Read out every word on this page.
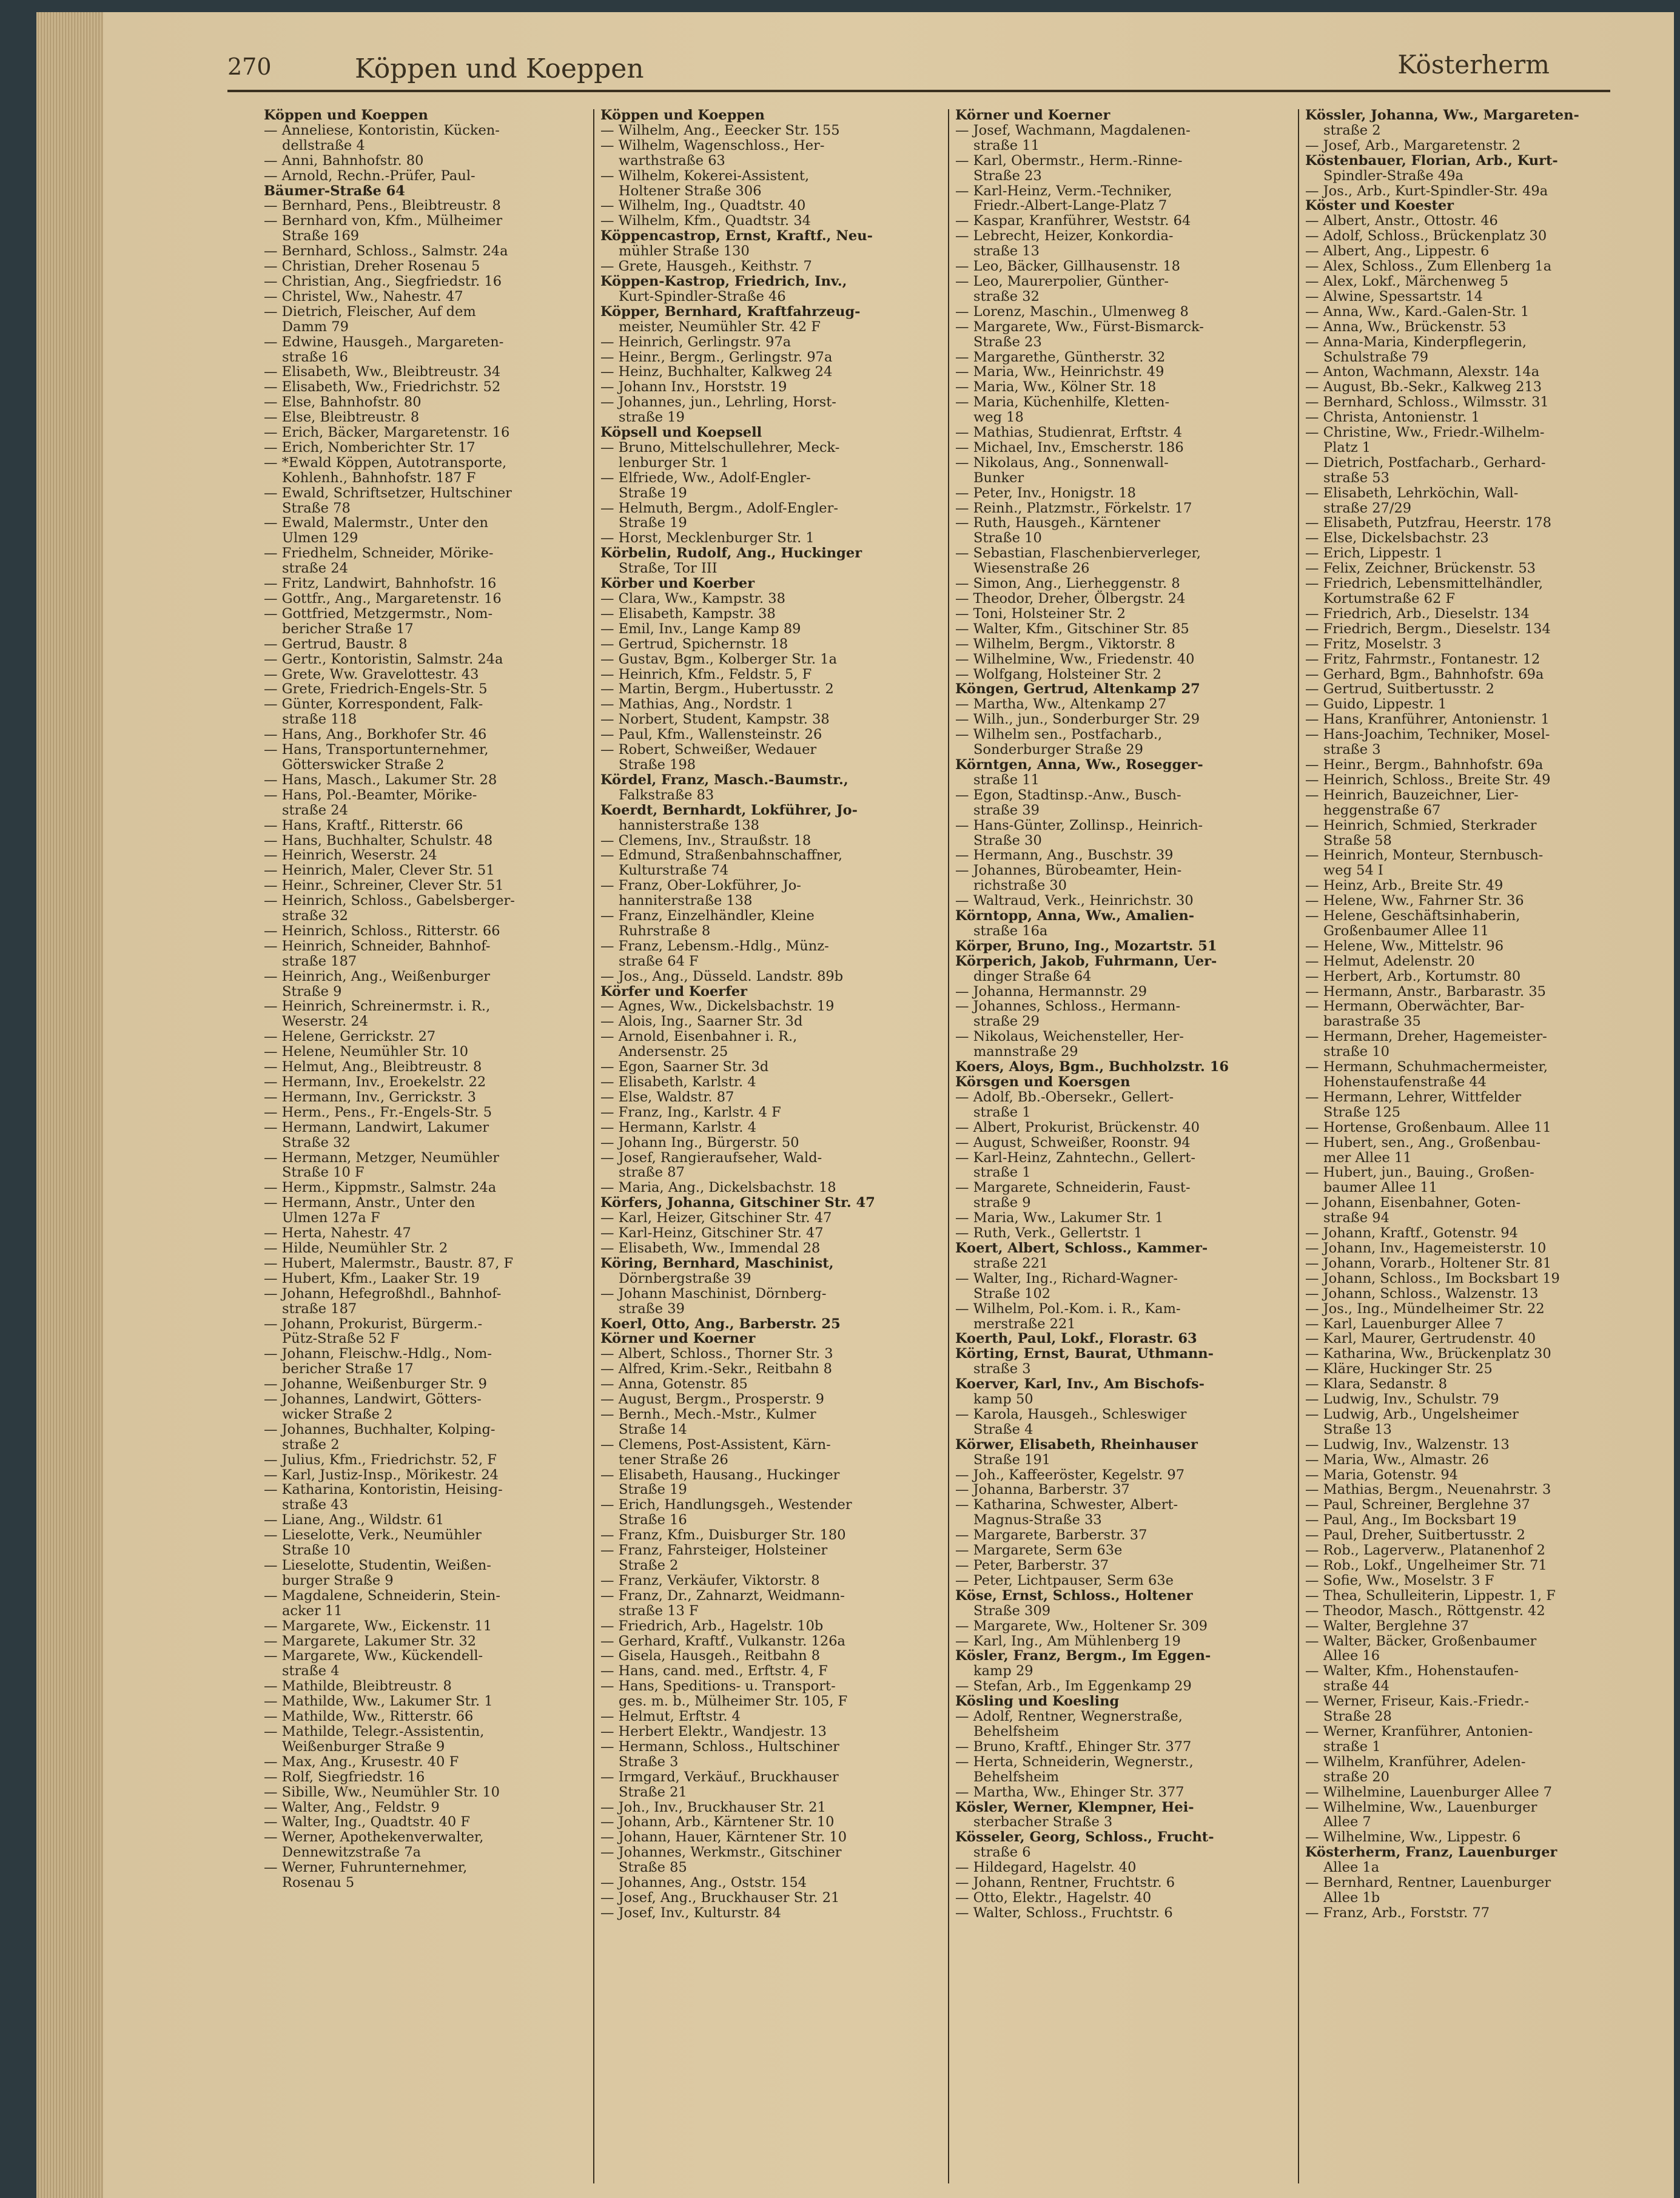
270	Köppen und Koeppen	Kösterherm
Köppen und Koeppen
— Anneliese, Kontoristin, Kücken-
dellstraße 4
— Anni, Bahnhofstr. 80
— Arnold, Rechn.-Prüfer, Paul-
Bäumer-Straße 64
— Bernhard, Pens., Bleibtreustr. 8
— Bernhard von, Kfm., Mülheimer
Straße 169
— Bernhard, Schloss., Salmstr. 24a
— Christian, Dreher Rosenau 5
— Christian, Ang., Siegfriedstr. 16
— Christel, Ww., Nahestr. 47
— Dietrich, Fleischer, Auf dem
Damm 79
— Edwine, Hausgeh., Margareten-
straße 16
— Elisabeth, Ww., Bleibtreustr. 34
— Elisabeth, Ww., Friedrichstr. 52
— Else, Bahnhofstr. 80
— Else, Bleibtreustr. 8
— Erich, Bäcker, Margaretenstr. 16
— Erich, Nomberichter Str. 17
— *Ewald Köppen, Autotransporte,
Kohlenh., Bahnhofstr. 187 F
— Ewald, Schriftsetzer, Hultschiner
Straße 78
— Ewald, Malermstr., Unter den
Ulmen 129
— Friedhelm, Schneider, Mörike-
straße 24
— Fritz, Landwirt, Bahnhofstr. 16
— Gottfr., Ang., Margaretenstr. 16
— Gottfried, Metzgermstr., Nom-
bericher Straße 17
— Gertrud, Baustr. 8
— Gertr., Kontoristin, Salmstr. 24a
— Grete, Ww. Gravelottestr. 43
— Grete, Friedrich-Engels-Str. 5
— Günter, Korrespondent, Falk-
straße 118
— Hans, Ang., Borkhofer Str. 46
— Hans, Transportunternehmer,
Götterswicker Straße 2
— Hans, Masch., Lakumer Str. 28
— Hans, Pol.-Beamter, Mörike-
straße 24
— Hans, Kraftf., Ritterstr. 66
— Hans, Buchhalter, Schulstr. 48
— Heinrich, Weserstr. 24
— Heinrich, Maler, Clever Str. 51
— Heinr., Schreiner, Clever Str. 51
— Heinrich, Schloss., Gabelsberger-
straße 32
— Heinrich, Schloss., Ritterstr. 66
— Heinrich, Schneider, Bahnhof-
straße 187
— Heinrich, Ang., Weißenburger
Straße 9
— Heinrich, Schreinermstr. i. R.,
Weserstr. 24
— Helene, Gerrickstr. 27
— Helene, Neumühler Str. 10
— Helmut, Ang., Bleibtreustr. 8
— Hermann, Inv., Eroekelstr. 22
— Hermann, Inv., Gerrickstr. 3
— Herm., Pens., Fr.-Engels-Str. 5
— Hermann, Landwirt, Lakumer
Straße 32
— Hermann, Metzger, Neumühler
Straße 10 F
— Herm., Kippmstr., Salmstr. 24a
— Hermann, Anstr., Unter den
Ulmen 127a F
— Herta, Nahestr. 47
— Hilde, Neumühler Str. 2
— Hubert, Malermstr., Baustr. 87, F
— Hubert, Kfm., Laaker Str. 19
— Johann, Hefegroßhdl., Bahnhof-
straße 187
— Johann, Prokurist, Bürgerm.-
Pütz-Straße 52 F
— Johann, Fleischw.-Hdlg., Nom-
bericher Straße 17
— Johanne, Weißenburger Str. 9
— Johannes, Landwirt, Götters-
wicker Straße 2
— Johannes, Buchhalter, Kolping-
straße 2
— Julius, Kfm., Friedrichstr. 52, F
— Karl, Justiz-Insp., Mörikestr. 24
— Katharina, Kontoristin, Heising-
straße 43
— Liane, Ang., Wildstr. 61
— Lieselotte, Verk., Neumühler
Straße 10
— Lieselotte, Studentin, Weißen-
burger Straße 9
— Magdalene, Schneiderin, Stein-
acker 11
— Margarete, Ww., Eickenstr. 11
— Margarete, Lakumer Str. 32
— Margarete, Ww., Kückendell-
straße 4
— Mathilde, Bleibtreustr. 8
— Mathilde, Ww., Lakumer Str. 1
— Mathilde, Ww., Ritterstr. 66
— Mathilde, Telegr.-Assistentin,
Weißenburger Straße 9
— Max, Ang., Krusestr. 40 F
— Rolf, Siegfriedstr. 16
— Sibille, Ww., Neumühler Str. 10
— Walter, Ang., Feldstr. 9
— Walter, Ing., Quadtstr. 40 F
— Werner, Apothekenverwalter,
Dennewitzstraße 7a
— Werner, Fuhrunternehmer,
Rosenau 5
Köppen und Koeppen
— Wilhelm, Ang., Eeecker Str. 155
— Wilhelm, Wagenschloss., Her-
warthstraße 63
— Wilhelm, Kokerei-Assistent,
Holtener Straße 306
— Wilhelm, Ing., Quadtstr. 40
— Wilhelm, Kfm., Quadtstr. 34
Köppencastrop, Ernst, Kraftf., Neu-
mühler Straße 130
— Grete, Hausgeh., Keithstr. 7
Köppen-Kastrop, Friedrich, Inv.,
Kurt-Spindler-Straße 46
Köpper, Bernhard, Kraftfahrzeug-
meister, Neumühler Str. 42 F
— Heinrich, Gerlingstr. 97a
— Heinr., Bergm., Gerlingstr. 97a
— Heinz, Buchhalter, Kalkweg 24
— Johann Inv., Horststr. 19
— Johannes, jun., Lehrling, Horst-
straße 19
Köpsell und Koepsell
— Bruno, Mittelschullehrer, Meck-
lenburger Str. 1
— Elfriede, Ww., Adolf-Engler-
Straße 19
— Helmuth, Bergm., Adolf-Engler-
Straße 19
— Horst, Mecklenburger Str. 1
Körbelin, Rudolf, Ang., Huckinger
Straße, Tor III
Körber und Koerber
— Clara, Ww., Kampstr. 38
— Elisabeth, Kampstr. 38
— Emil, Inv., Lange Kamp 89
— Gertrud, Spichernstr. 18
— Gustav, Bgm., Kolberger Str. 1a
— Heinrich, Kfm., Feldstr. 5, F
— Martin, Bergm., Hubertusstr. 2
— Mathias, Ang., Nordstr. 1
— Norbert, Student, Kampstr. 38
— Paul, Kfm., Wallensteinstr. 26
— Robert, Schweißer, Wedauer
Straße 198
Kördel, Franz, Masch.-Baumstr.,
Falkstraße 83
Koerdt, Bernhardt, Lokführer, Jo-
hannisterstraße 138
— Clemens, Inv., Straußstr. 18
— Edmund, Straßenbahnschaffner,
Kulturstraße 74
— Franz, Ober-Lokführer, Jo-
hanniterstraße 138
— Franz, Einzelhändler, Kleine
Ruhrstraße 8
— Franz, Lebensm.-Hdlg., Münz-
straße 64 F
— Jos., Ang., Düsseld. Landstr. 89b
Körfer und Koerfer
— Agnes, Ww., Dickelsbachstr. 19
— Alois, Ing., Saarner Str. 3d
— Arnold, Eisenbahner i. R.,
Andersenstr. 25
— Egon, Saarner Str. 3d
— Elisabeth, Karlstr. 4
— Else, Waldstr. 87
— Franz, Ing., Karlstr. 4 F
— Hermann, Karlstr. 4
— Johann Ing., Bürgerstr. 50
— Josef, Rangieraufseher, Wald-
straße 87
— Maria, Ang., Dickelsbachstr. 18
Körfers, Johanna, Gitschiner Str. 47
— Karl, Heizer, Gitschiner Str. 47
— Karl-Heinz, Gitschiner Str. 47
— Elisabeth, Ww., Immendal 28
Köring, Bernhard, Maschinist,
Dörnbergstraße 39
— Johann Maschinist, Dörnberg-
straße 39
Koerl, Otto, Ang., Barberstr. 25
Körner und Koerner
— Albert, Schloss., Thorner Str. 3
— Alfred, Krim.-Sekr., Reitbahn 8
— Anna, Gotenstr. 85
— August, Bergm., Prosperstr. 9
— Bernh., Mech.-Mstr., Kulmer
Straße 14
— Clemens, Post-Assistent, Kärn-
tener Straße 26
— Elisabeth, Hausang., Huckinger
Straße 19
— Erich, Handlungsgeh., Westender
Straße 16
— Franz, Kfm., Duisburger Str. 180
— Franz, Fahrsteiger, Holsteiner
Straße 2
— Franz, Verkäufer, Viktorstr. 8
— Franz, Dr., Zahnarzt, Weidmann-
straße 13 F
— Friedrich, Arb., Hagelstr. 10b
— Gerhard, Kraftf., Vulkanstr. 126a
— Gisela, Hausgeh., Reitbahn 8
— Hans, cand. med., Erftstr. 4, F
— Hans, Speditions- u. Transport-
ges. m. b., Mülheimer Str. 105, F
— Helmut, Erftstr. 4
— Herbert Elektr., Wandjestr. 13
— Hermann, Schloss., Hultschiner
Straße 3
— Irmgard, Verkäuf., Bruckhauser
Straße 21
— Joh., Inv., Bruckhauser Str. 21
— Johann, Arb., Kärntener Str. 10
— Johann, Hauer, Kärntener Str. 10
— Johannes, Werkmstr., Gitschiner
Straße 85
— Johannes, Ang., Oststr. 154
— Josef, Ang., Bruckhauser Str. 21
— Josef, Inv., Kulturstr. 84
Körner und Koerner
— Josef, Wachmann, Magdalenen-
straße 11
— Karl, Obermstr., Herm.-Rinne-
Straße 23
— Karl-Heinz, Verm.-Techniker,
Friedr.-Albert-Lange-Platz 7
— Kaspar, Kranführer, Weststr. 64
— Lebrecht, Heizer, Konkordia-
straße 13
— Leo, Bäcker, Gillhausenstr. 18
— Leo, Maurerpolier, Günther-
straße 32
— Lorenz, Maschin., Ulmenweg 8
— Margarete, Ww., Fürst-Bismarck-
Straße 23
— Margarethe, Güntherstr. 32
— Maria, Ww., Heinrichstr. 49
— Maria, Ww., Kölner Str. 18
— Maria, Küchenhilfe, Kletten-
weg 18
— Mathias, Studienrat, Erftstr. 4
— Michael, Inv., Emscherstr. 186
— Nikolaus, Ang., Sonnenwall-
Bunker
— Peter, Inv., Honigstr. 18
— Reinh., Platzmstr., Förkelstr. 17
— Ruth, Hausgeh., Kärntener
Straße 10
— Sebastian, Flaschenbierverleger,
Wiesenstraße 26
— Simon, Ang., Lierheggenstr. 8
— Theodor, Dreher, Ölbergstr. 24
— Toni, Holsteiner Str. 2
— Walter, Kfm., Gitschiner Str. 85
— Wilhelm, Bergm., Viktorstr. 8
— Wilhelmine, Ww., Friedenstr. 40
— Wolfgang, Holsteiner Str. 2
Köngen, Gertrud, Altenkamp 27
— Martha, Ww., Altenkamp 27
— Wilh., jun., Sonderburger Str. 29
— Wilhelm sen., Postfacharb.,
Sonderburger Straße 29
Körntgen, Anna, Ww., Rosegger-
straße 11
— Egon, Stadtinsp.-Anw., Busch-
straße 39
— Hans-Günter, Zollinsp., Heinrich-
Straße 30
— Hermann, Ang., Buschstr. 39
— Johannes, Bürobeamter, Hein-
richstraße 30
— Waltraud, Verk., Heinrichstr. 30
Körntopp, Anna, Ww., Amalien-
straße 16a
Körper, Bruno, Ing., Mozartstr. 51
Körperich, Jakob, Fuhrmann, Uer-
dinger Straße 64
— Johanna, Hermannstr. 29
— Johannes, Schloss., Hermann-
straße 29
— Nikolaus, Weichensteller, Her-
mannstraße 29
Koers, Aloys, Bgm., Buchholzstr. 16
Körsgen und Koersgen
— Adolf, Bb.-Obersekr., Gellert-
straße 1
— Albert, Prokurist, Brückenstr. 40
— August, Schweißer, Roonstr. 94
— Karl-Heinz, Zahntechn., Gellert-
straße 1
— Margarete, Schneiderin, Faust-
straße 9
— Maria, Ww., Lakumer Str. 1
— Ruth, Verk., Gellertstr. 1
Koert, Albert, Schloss., Kammer-
straße 221
— Walter, Ing., Richard-Wagner-
Straße 102
— Wilhelm, Pol.-Kom. i. R., Kam-
merstraße 221
Koerth, Paul, Lokf., Florastr. 63
Körting, Ernst, Baurat, Uthmann-
straße 3
Koerver, Karl, Inv., Am Bischofs-
kamp 50
— Karola, Hausgeh., Schleswiger
Straße 4
Körwer, Elisabeth, Rheinhauser
Straße 191
— Joh., Kaffeeröster, Kegelstr. 97
— Johanna, Barberstr. 37
— Katharina, Schwester, Albert-
Magnus-Straße 33
— Margarete, Barberstr. 37
— Margarete, Serm 63e
— Peter, Barberstr. 37
— Peter, Lichtpauser, Serm 63e
Köse, Ernst, Schloss., Holtener
Straße 309
— Margarete, Ww., Holtener Sr. 309
— Karl, Ing., Am Mühlenberg 19
Kösler, Franz, Bergm., Im Eggen-
kamp 29
— Stefan, Arb., Im Eggenkamp 29
Kösling und Koesling
— Adolf, Rentner, Wegnerstraße,
Behelfsheim
— Bruno, Kraftf., Ehinger Str. 377
— Herta, Schneiderin, Wegnerstr.,
Behelfsheim
— Martha, Ww., Ehinger Str. 377
Kösler, Werner, Klempner, Hei-
sterbacher Straße 3
Kösseler, Georg, Schloss., Frucht-
straße 6
— Hildegard, Hagelstr. 40
— Johann, Rentner, Fruchtstr. 6
— Otto, Elektr., Hagelstr. 40
— Walter, Schloss., Fruchtstr. 6
Kössler, Johanna, Ww., Margareten-
straße 2
— Josef, Arb., Margaretenstr. 2
Köstenbauer, Florian, Arb., Kurt-
Spindler-Straße 49a
— Jos., Arb., Kurt-Spindler-Str. 49a
Köster und Koester
— Albert, Anstr., Ottostr. 46
— Adolf, Schloss., Brückenplatz 30
— Albert, Ang., Lippestr. 6
— Alex, Schloss., Zum Ellenberg 1a
— Alex, Lokf., Märchenweg 5
— Alwine, Spessartstr. 14
— Anna, Ww., Kard.-Galen-Str. 1
— Anna, Ww., Brückenstr. 53
— Anna-Maria, Kinderpflegerin,
Schulstraße 79
— Anton, Wachmann, Alexstr. 14a
— August, Bb.-Sekr., Kalkweg 213
— Bernhard, Schloss., Wilmsstr. 31
— Christa, Antonienstr. 1
— Christine, Ww., Friedr.-Wilhelm-
Platz 1
— Dietrich, Postfacharb., Gerhard-
straße 53
— Elisabeth, Lehrköchin, Wall-
straße 27/29
— Elisabeth, Putzfrau, Heerstr. 178
— Else, Dickelsbachstr. 23
— Erich, Lippestr. 1
— Felix, Zeichner, Brückenstr. 53
— Friedrich, Lebensmittelhändler,
Kortumstraße 62 F
— Friedrich, Arb., Dieselstr. 134
— Friedrich, Bergm., Dieselstr. 134
— Fritz, Moselstr. 3
— Fritz, Fahrmstr., Fontanestr. 12
— Gerhard, Bgm., Bahnhofstr. 69a
— Gertrud, Suitbertusstr. 2
— Guido, Lippestr. 1
— Hans, Kranführer, Antonienstr. 1
— Hans-Joachim, Techniker, Mosel-
straße 3
— Heinr., Bergm., Bahnhofstr. 69a
— Heinrich, Schloss., Breite Str. 49
— Heinrich, Bauzeichner, Lier-
heggenstraße 67
— Heinrich, Schmied, Sterkrader
Straße 58
— Heinrich, Monteur, Sternbusch-
weg 54 I
— Heinz, Arb., Breite Str. 49
— Helene, Ww., Fahrner Str. 36
— Helene, Geschäftsinhaberin,
Großenbaumer Allee 11
— Helene, Ww., Mittelstr. 96
— Helmut, Adelenstr. 20
— Herbert, Arb., Kortumstr. 80
— Hermann, Anstr., Barbarastr. 35
— Hermann, Oberwächter, Bar-
barastraße 35
— Hermann, Dreher, Hagemeister-
straße 10
— Hermann, Schuhmachermeister,
Hohenstaufenstraße 44
— Hermann, Lehrer, Wittfelder
Straße 125
— Hortense, Großenbaum. Allee 11
— Hubert, sen., Ang., Großenbau-
mer Allee 11
— Hubert, jun., Bauing., Großen-
baumer Allee 11
— Johann, Eisenbahner, Goten-
straße 94
— Johann, Kraftf., Gotenstr. 94
— Johann, Inv., Hagemeisterstr. 10
— Johann, Vorarb., Holtener Str. 81
— Johann, Schloss., Im Bocksbart 19
— Johann, Schloss., Walzenstr. 13
— Jos., Ing., Mündelheimer Str. 22
— Karl, Lauenburger Allee 7
— Karl, Maurer, Gertrudenstr. 40
— Katharina, Ww., Brückenplatz 30
— Kläre, Huckinger Str. 25
— Klara, Sedanstr. 8
— Ludwig, Inv., Schulstr. 79
— Ludwig, Arb., Ungelsheimer
Straße 13
— Ludwig, Inv., Walzenstr. 13
— Maria, Ww., Almastr. 26
— Maria, Gotenstr. 94
— Mathias, Bergm., Neuenahrstr. 3
— Paul, Schreiner, Berglehne 37
— Paul, Ang., Im Bocksbart 19
— Paul, Dreher, Suitbertusstr. 2
— Rob., Lagerverw., Platanenhof 2
— Rob., Lokf., Ungelheimer Str. 71
— Sofie, Ww., Moselstr. 3 F
— Thea, Schulleiterin, Lippestr. 1, F
— Theodor, Masch., Röttgenstr. 42
— Walter, Berglehne 37
— Walter, Bäcker, Großenbaumer
Allee 16
— Walter, Kfm., Hohenstaufen-
straße 44
— Werner, Friseur, Kais.-Friedr.-
Straße 28
— Werner, Kranführer, Antonien-
straße 1
— Wilhelm, Kranführer, Adelen-
straße 20
— Wilhelmine, Lauenburger Allee 7
— Wilhelmine, Ww., Lauenburger
Allee 7
— Wilhelmine, Ww., Lippestr. 6
Kösterherm, Franz, Lauenburger
Allee 1a
— Bernhard, Rentner, Lauenburger
Allee 1b
— Franz, Arb., Forststr. 77
